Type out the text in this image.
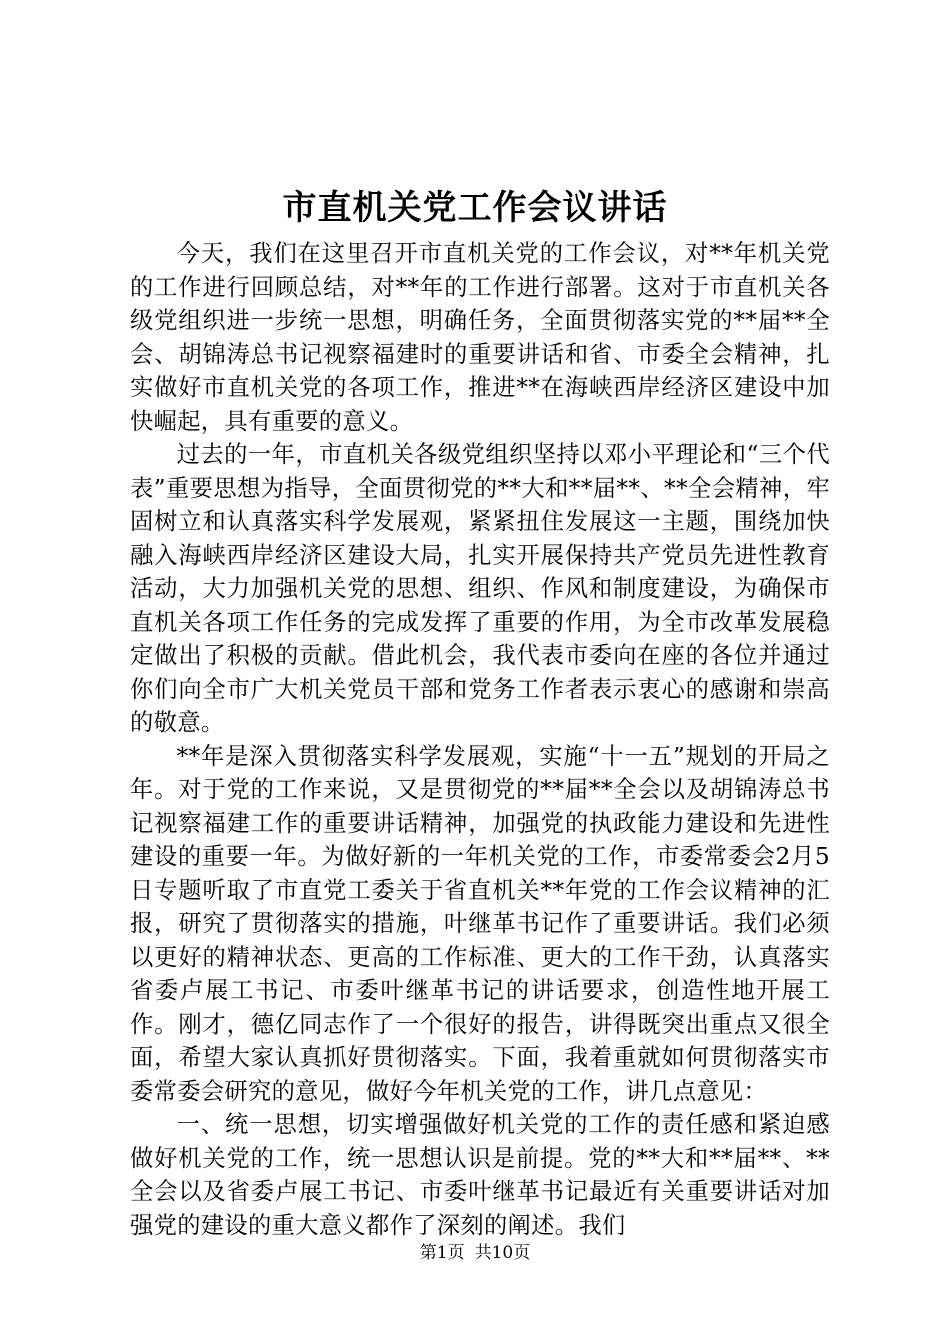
市直机关党工作会议讲话

今天，我们在这里召开市直机关党的工作会议，对**年机关党的工作进行回顾总结，对**年的工作进行部署。这对于市直机关各级党组织进一步统一思想，明确任务，全面贯彻落实党的**届**全会、胡锦涛总书记视察福建时的重要讲话和省、市委全会精神，扎实做好市直机关党的各项工作，推进**在海峡西岸经济区建设中加快崛起，具有重要的意义。

过去的一年，市直机关各级党组织坚持以邓小平理论和“三个代表”重要思想为指导，全面贯彻党的**大和**届**、**全会精神，牢固树立和认真落实科学发展观，紧紧扭住发展这一主题，围绕加快融入海峡西岸经济区建设大局，扎实开展保持共产党员先进性教育活动，大力加强机关党的思想、组织、作风和制度建设，为确保市直机关各项工作任务的完成发挥了重要的作用，为全市改革发展稳定做出了积极的贡献。借此机会，我代表市委向在座的各位并通过你们向全市广大机关党员干部和党务工作者表示衷心的感谢和崇高的敬意。

**年是深入贯彻落实科学发展观，实施“十一五”规划的开局之年。对于党的工作来说，又是贯彻党的**届**全会以及胡锦涛总书记视察福建工作的重要讲话精神，加强党的执政能力建设和先进性建设的重要一年。为做好新的一年机关党的工作，市委常委会2月5日专题听取了市直党工委关于省直机关**年党的工作会议精神的汇报，研究了贯彻落实的措施，叶继革书记作了重要讲话。我们必须以更好的精神状态、更高的工作标准、更大的工作干劲，认真落实省委卢展工书记、市委叶继革书记的讲话要求，创造性地开展工作。刚才，德亿同志作了一个很好的报告，讲得既突出重点又很全面，希望大家认真抓好贯彻落实。下面，我着重就如何贯彻落实市委常委会研究的意见，做好今年机关党的工作，讲几点意见：

一、统一思想，切实增强做好机关党的工作的责任感和紧迫感做好机关党的工作，统一思想认识是前提。党的**大和**届**、**全会以及省委卢展工书记、市委叶继革书记最近有关重要讲话对加强党的建设的重大意义都作了深刻的阐述。我们

第1页 共10页
